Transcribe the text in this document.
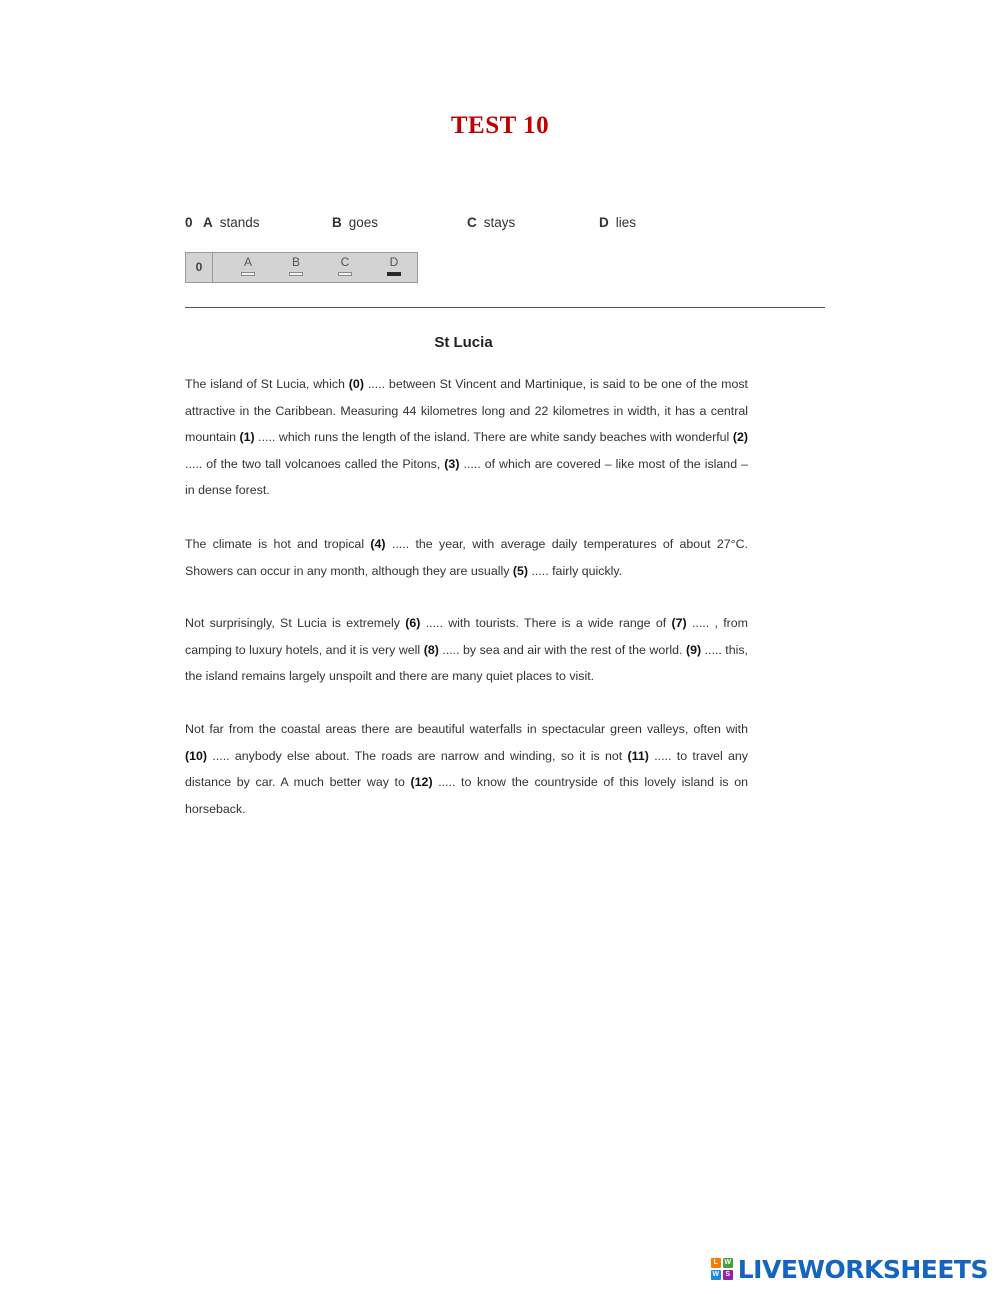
TEST 10
0 A stands	B goes	C stays	D lies
0	A	B	C	D
St Lucia
The island of St Lucia, which (0) ..... between St Vincent and Martinique, is said to be one of the most attractive in the Caribbean. Measuring 44 kilometres long and 22 kilometres in width, it has a central mountain (1) ..... which runs the length of the island. There are white sandy beaches with wonderful (2) ..... of the two tall volcanoes called the Pitons, (3) ..... of which are covered – like most of the island – in dense forest.
The climate is hot and tropical (4) ..... the year, with average daily temperatures of about 27°C. Showers can occur in any month, although they are usually (5) ..... fairly quickly.
Not surprisingly, St Lucia is extremely (6) ..... with tourists. There is a wide range of (7) ..... , from camping to luxury hotels, and it is very well (8) ..... by sea and air with the rest of the world. (9) ..... this, the island remains largely unspoilt and there are many quiet places to visit.
Not far from the coastal areas there are beautiful waterfalls in spectacular green valleys, often with (10) ..... anybody else about. The roads are narrow and winding, so it is not (11) ..... to travel any distance by car. A much better way to (12) ..... to know the countryside of this lovely island is on horseback.
L W
W S LIVEWORKSHEETS
